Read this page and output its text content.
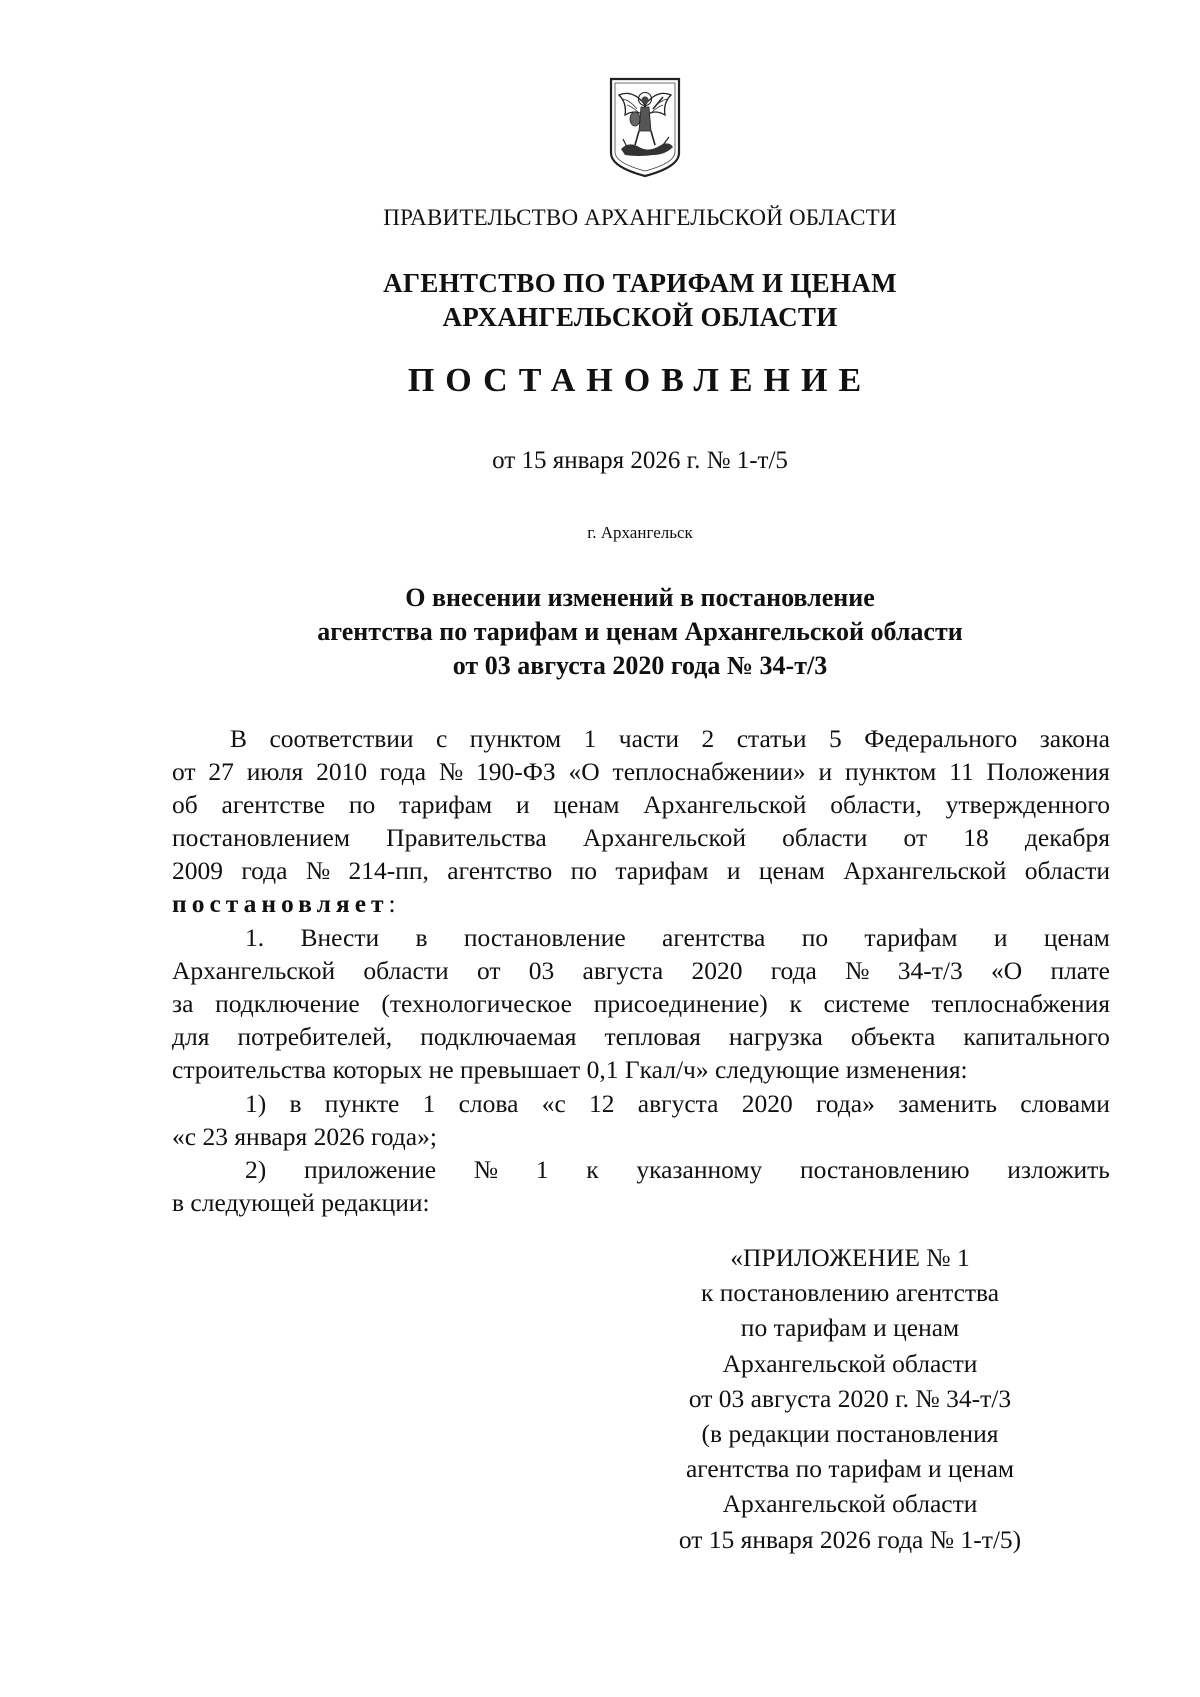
ПРАВИТЕЛЬСТВО АРХАНГЕЛЬСКОЙ ОБЛАСТИ
АГЕНТСТВО ПО ТАРИФАМ И ЦЕНАМ
АРХАНГЕЛЬСКОЙ ОБЛАСТИ
ПОСТАНОВЛЕНИЕ
от 15 января 2026 г. № 1-т/5
г. Архангельск
О внесении изменений в постановление
агентства по тарифам и ценам Архангельской области
от 03 августа 2020 года № 34-т/3
В соответствии с пунктом 1 части 2 статьи 5 Федерального закона
от 27 июля 2010 года № 190-ФЗ «О теплоснабжении» и пунктом 11 Положения
об агентстве по тарифам и ценам Архангельской области, утвержденного
постановлением Правительства Архангельской области от 18 декабря
2009 года № 214-пп, агентство по тарифам и ценам Архангельской области
постановляет:
1. Внести в постановление агентства по тарифам и ценам
Архангельской области от 03 августа 2020 года № 34-т/3 «О плате
за подключение (технологическое присоединение) к системе теплоснабжения
для потребителей, подключаемая тепловая нагрузка объекта капитального
строительства которых не превышает 0,1 Гкал/ч» следующие изменения:
1) в пункте 1 слова «с 12 августа 2020 года» заменить словами
«с 23 января 2026 года»;
2) приложение № 1 к указанному постановлению изложить
в следующей редакции:
«ПРИЛОЖЕНИЕ № 1
к постановлению агентства
по тарифам и ценам
Архангельской области
от 03 августа 2020 г. № 34-т/3
(в редакции постановления
агентства по тарифам и ценам
Архангельской области
от 15 января 2026 года № 1-т/5)
